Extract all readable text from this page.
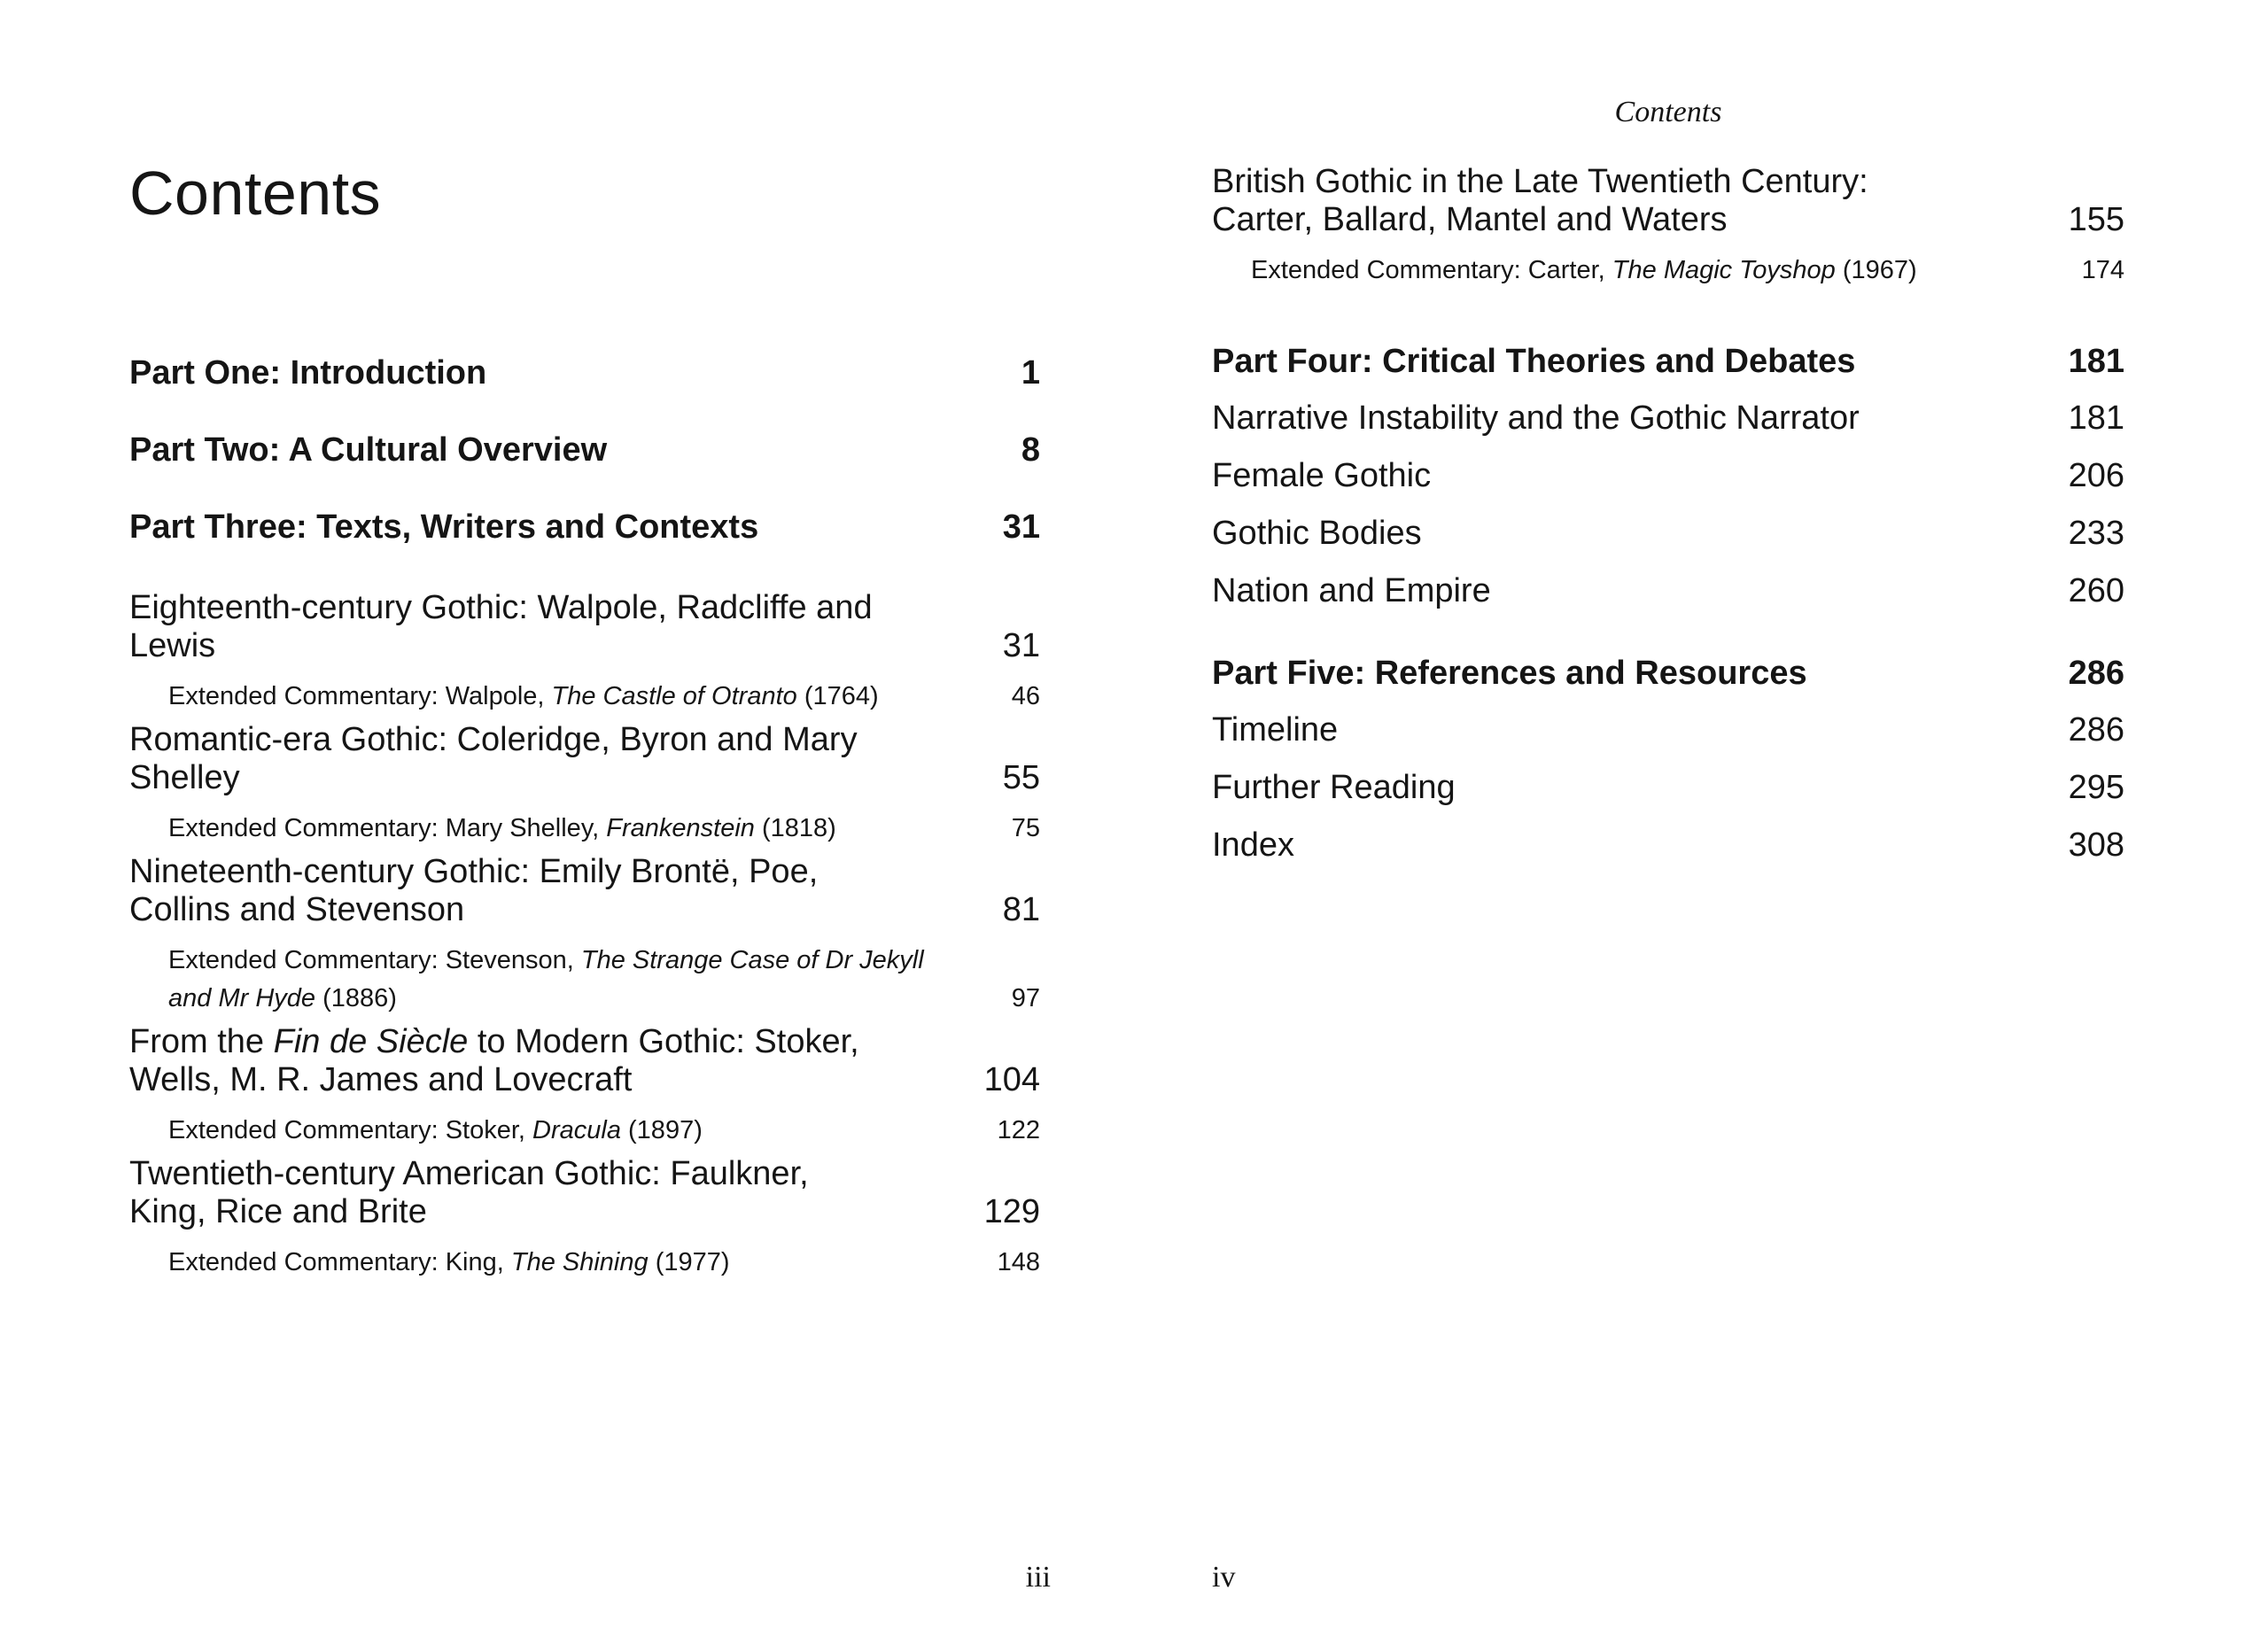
Contents
Part One: Introduction	1
Part Two: A Cultural Overview	8
Part Three: Texts, Writers and Contexts	31
Eighteenth-century Gothic: Walpole, Radcliffe and Lewis	31
Extended Commentary: Walpole, The Castle of Otranto (1764)	46
Romantic-era Gothic: Coleridge, Byron and Mary Shelley	55
Extended Commentary: Mary Shelley, Frankenstein (1818)	75
Nineteenth-century Gothic: Emily Brontë, Poe, Collins and Stevenson	81
Extended Commentary: Stevenson, The Strange Case of Dr Jekyll and Mr Hyde (1886)	97
From the Fin de Siècle to Modern Gothic: Stoker, Wells, M. R. James and Lovecraft	104
Extended Commentary: Stoker, Dracula (1897)	122
Twentieth-century American Gothic: Faulkner, King, Rice and Brite	129
Extended Commentary: King, The Shining (1977)	148
iii
Contents
British Gothic in the Late Twentieth Century: Carter, Ballard, Mantel and Waters	155
Extended Commentary: Carter, The Magic Toyshop (1967)	174
Part Four: Critical Theories and Debates	181
Narrative Instability and the Gothic Narrator	181
Female Gothic	206
Gothic Bodies	233
Nation and Empire	260
Part Five: References and Resources	286
Timeline	286
Further Reading	295
Index	308
iv
